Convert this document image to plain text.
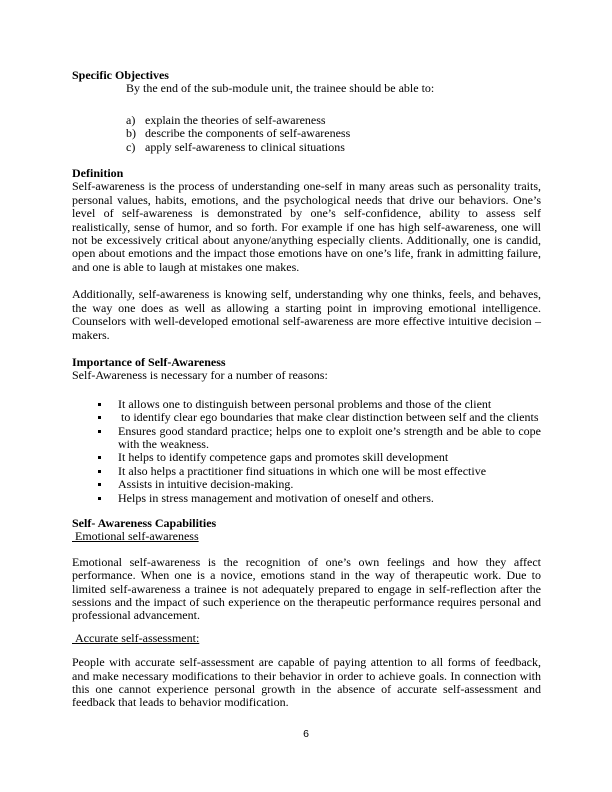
Specific Objectives

By the end of the sub-module unit, the trainee should be able to:

a) explain the theories of self-awareness
b) describe the components of self-awareness
c) apply self-awareness to clinical situations

Definition

Self-awareness is the process of understanding one-self in many areas such as personality traits, personal values, habits, emotions, and the psychological needs that drive our behaviors. One’s level of self-awareness is demonstrated by one’s self-confidence, ability to assess self realistically, sense of humor, and so forth. For example if one has high self-awareness, one will not be excessively critical about anyone/anything especially clients. Additionally, one is candid, open about emotions and the impact those emotions have on one’s life, frank in admitting failure, and one is able to laugh at mistakes one makes.

Additionally, self-awareness is knowing self, understanding why one thinks, feels, and behaves, the way one does as well as allowing a starting point in improving emotional intelligence. Counselors with well-developed emotional self-awareness are more effective intuitive decision – makers.

Importance of Self-Awareness

Self-Awareness is necessary for a number of reasons:

It allows one to distinguish between personal problems and those of the client
to identify clear ego boundaries that make clear distinction between self and the clients
Ensures good standard practice; helps one to exploit one’s strength and be able to cope with the weakness.
It helps to identify competence gaps and promotes skill development
It also helps a practitioner find situations in which one will be most effective
Assists in intuitive decision-making.
Helps in stress management and motivation of oneself and others.

Self- Awareness Capabilities

Emotional self-awareness

Emotional self-awareness is the recognition of one’s own feelings and how they affect performance. When one is a novice, emotions stand in the way of therapeutic work. Due to limited self-awareness a trainee is not adequately prepared to engage in self-reflection after the sessions and the impact of such experience on the therapeutic performance requires personal and professional advancement.

Accurate self-assessment:

People with accurate self-assessment are capable of paying attention to all forms of feedback, and make necessary modifications to their behavior in order to achieve goals. In connection with this one cannot experience personal growth in the absence of accurate self-assessment and feedback that leads to behavior modification.

6
